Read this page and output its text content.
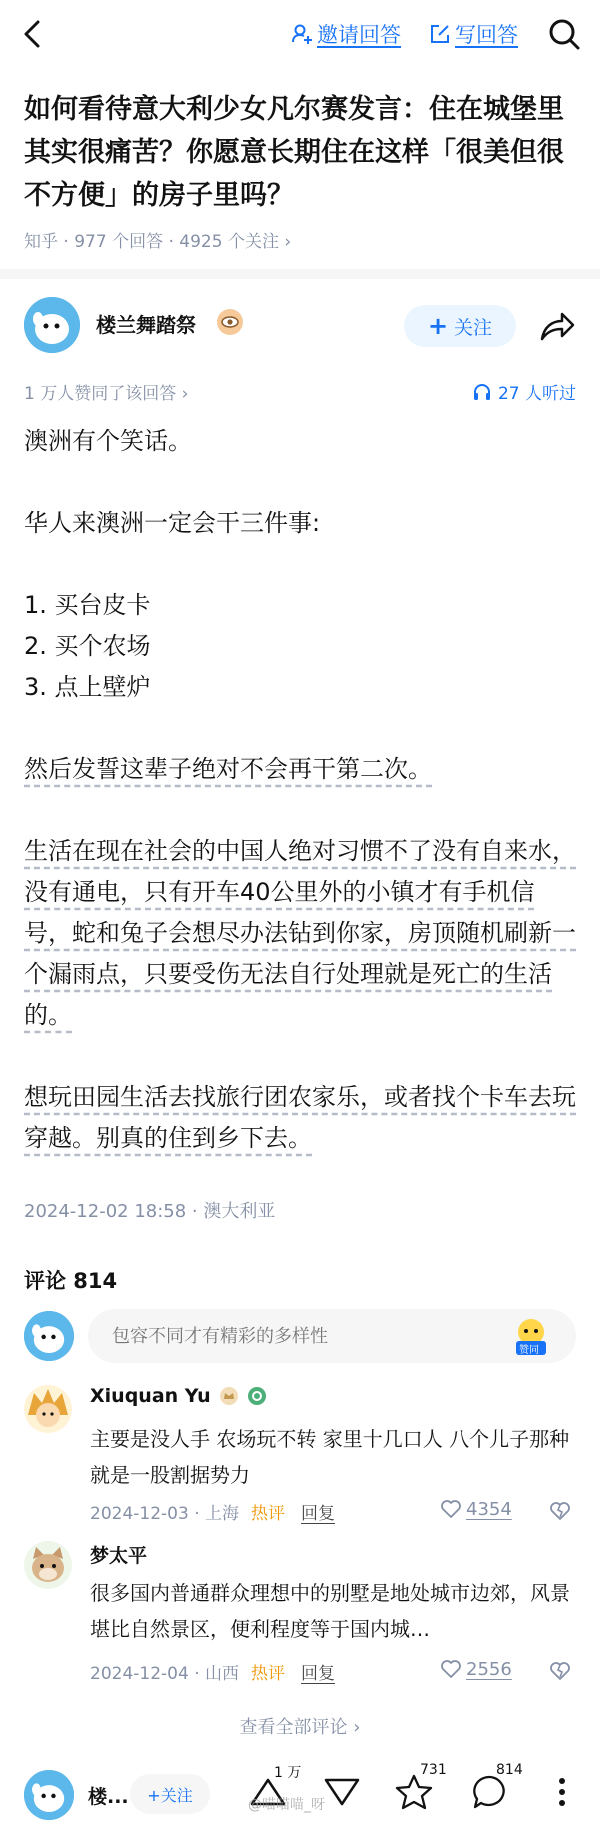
邀请回答	写回答
如何看待意大利少女凡尔赛发言：住在城堡里其实很痛苦？你愿意长期住在这样「很美但很不方便」的房子里吗？
知乎 · 977 个回答 · 4925 个关注 ›
楼兰舞踏祭	+ 关注
1 万人赞同了该回答 ›	27 人听过

澳洲有个笑话。

华人来澳洲一定会干三件事:

1. 买台皮卡

2. 买个农场

3. 点上壁炉

然后发誓这辈子绝对不会再干第二次。

生活在现在社会的中国人绝对习惯不了没有自来水，没有通电，只有开车40公里外的小镇才有手机信号，蛇和兔子会想尽办法钻到你家，房顶随机刷新一个漏雨点，只要受伤无法自行处理就是死亡的生活的。

想玩田园生活去找旅行团农家乐，或者找个卡车去玩穿越。别真的住到乡下去。

2024-12-02 18:58 · 澳大利亚
评论 814
包容不同才有精彩的多样性
赞同
Xiuquan Yu
主要是没人手 农场玩不转 家里十几口人 八个儿子那种 就是一股割据势力
2024-12-03 · 上海 热评 回复	4354
梦太平
很多国内普通群众理想中的别墅是地处城市边郊，风景堪比自然景区，便利程度等于国内城…
2024-12-04 · 山西 热评 回复	2556
查看全部评论 ›
楼...	+关注
1 万	731	814
@喵喵喵_呀
